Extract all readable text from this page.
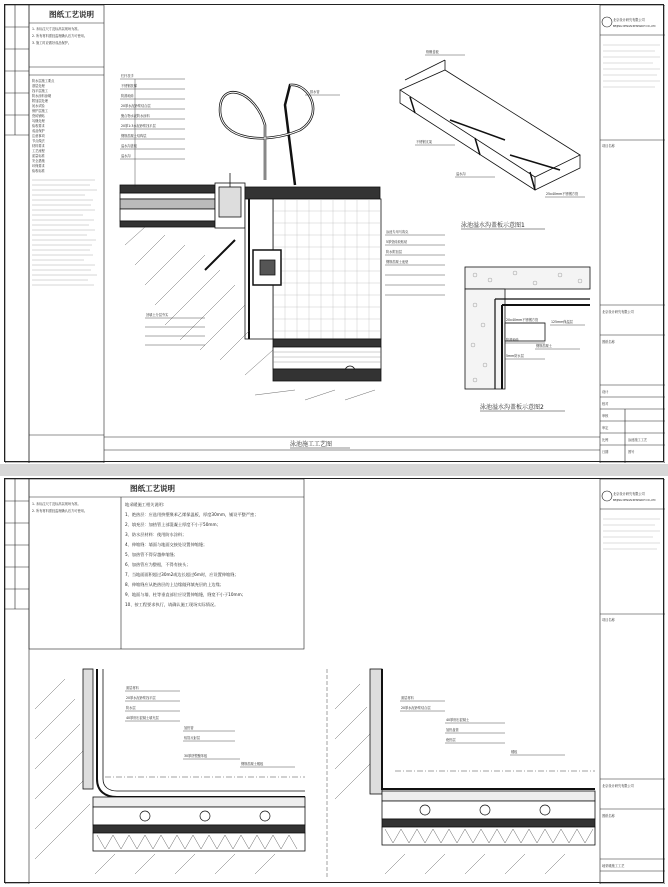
图纸工艺说明
1. 未标注尺寸及标高以现场为准。
2. 所有材料需经监理确认后方可使用。
3. 施工时应做好成品保护。
防水层施工要点
基层处理
找平层施工
防水涂料涂刷
附加层处理
闭水试验
保护层施工
瓷砖铺贴
勾缝处理
验收要求
成品保护
注意事项
节点做法
材料要求
工艺流程
质量标准
安全措施
环保要求
验收标准
栏杆扶手
不锈钢扶梯
防滑地砖
20厚水泥砂浆结合层
聚合物水泥防水涂料
20厚1:3水泥砂浆找平层
钢筋混凝土结构层
溢水沟盖板
溢水沟
排水管
泳池专用马赛克
5厚瓷砖胶粘贴
防水附加层
钢筋混凝土池壁
回填土分层夯实
格栅盖板
不锈钢支架
溢水沟
25x40mm不锈钢方管
泳池溢水沟盖板示意图1
20x40mm不锈钢方管	125mm保温层
防滑地砖
5mm防水层
钢筋混凝土
泳池溢水沟盖板示意图2
泳池施工工艺图
北京设计研究有限公司
BEIJING DESIGN RESEARCH CO.,LTD
项目名称
北京设计研究有限公司
图纸名称
设计
校对
审核
审定
比例
日期
泳池施工工艺
图号
图纸工艺说明
1. 未标注尺寸及标高以现场为准。
2. 所有材料需经监理确认后方可使用。
地采暖施工相关说明:
1、绝热层：应选用挤塑聚苯乙烯保温板，厚度30mm，铺设平整严密；
2、填充层：加热管上部混凝土厚度不小于50mm；
3、防水层材料：使用防水涂料；
4、伸缩缝：墙面与地面交接处设置伸缩缝；
5、加热管不得穿越伸缩缝；
6、加热管应为整根，不得有接头；
7、当地面面积超过30m2或边长超过6m时，应设置伸缩缝；
8、伸缩缝应从绝热层的上边缘做到填充层的上边缘；
9、地面与墙、柱等垂直部位应设置伸缩缝，缝宽不小于10mm；
10、按工程要求执行，请确认施工现场实际情况。
面层材料
20厚水泥砂浆找平层
防水层
40厚细石混凝土填充层
加热管
铝箔反射层
30厚挤塑聚苯板
钢筋混凝土楼板
面层材料
20厚水泥砂浆结合层
40厚细石混凝土
加热盘管
绝热层
楼板
北京设计研究有限公司
BEIJING DESIGN RESEARCH CO.,LTD
项目名称
北京设计研究有限公司
图纸名称
地采暖施工工艺
